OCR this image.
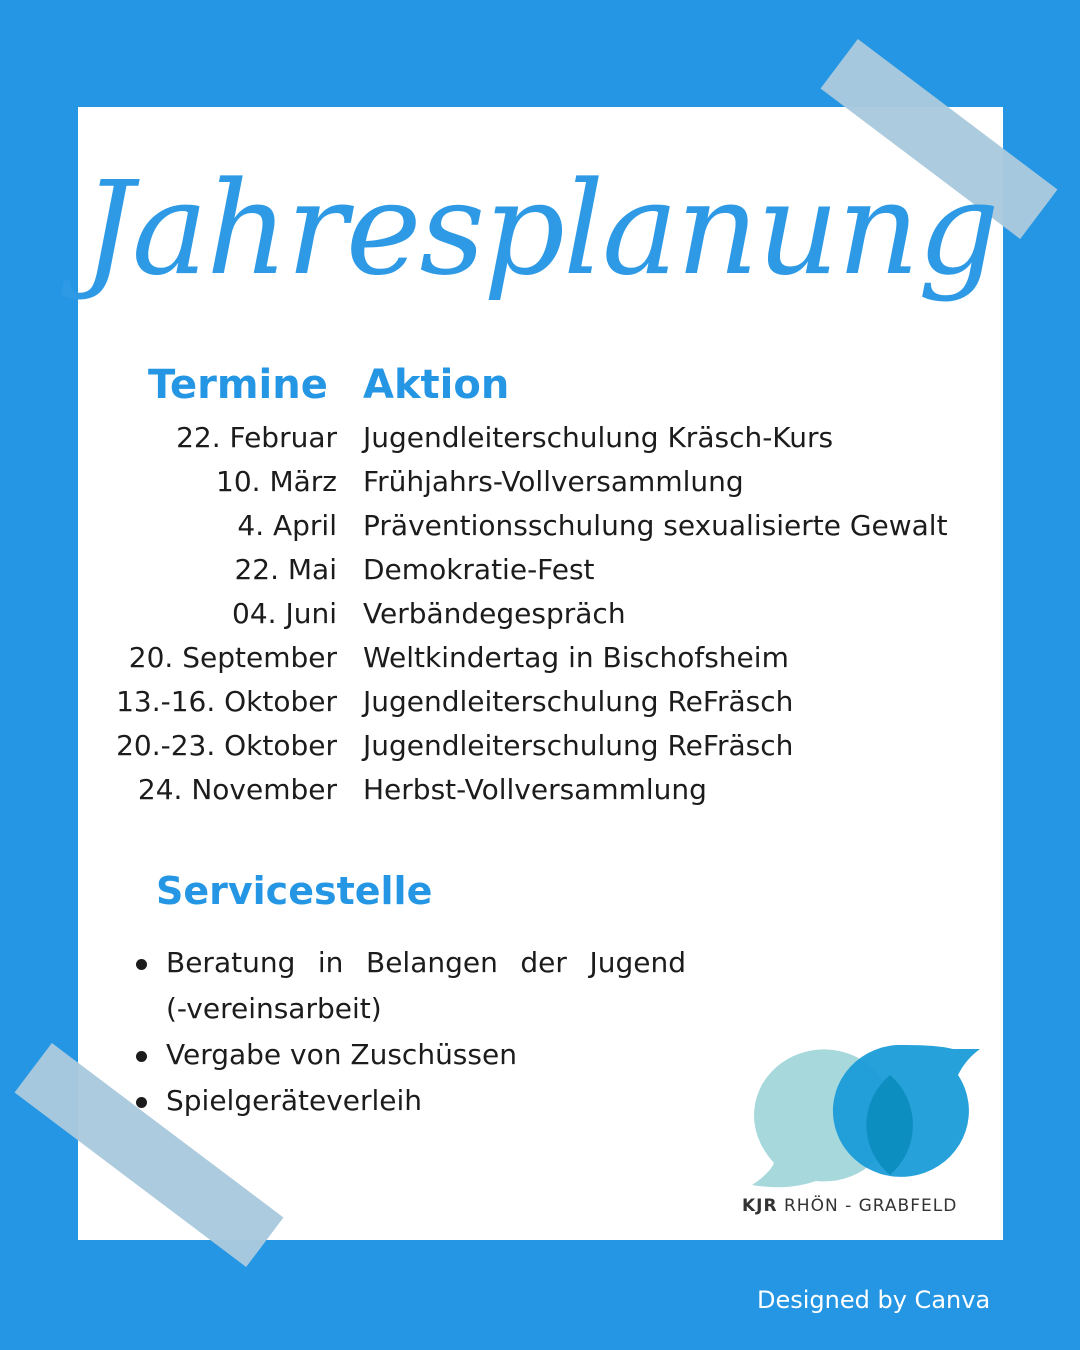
Jahresplanung
Termine Aktion
22. Februar Jugendleiterschulung Kräsch-Kurs
10. März Frühjahrs-Vollversammlung
4. April Präventionsschulung sexualisierte Gewalt
22. Mai Demokratie-Fest
04. Juni Verbändegespräch
20. September Weltkindertag in Bischofsheim
13.-16. Oktober Jugendleiterschulung ReFräsch
20.-23. Oktober Jugendleiterschulung ReFräsch
24. November Herbst-Vollversammlung
Servicestelle
Beratung in Belangen der Jugend
(-vereinsarbeit)
Vergabe von Zuschüssen
Spielgeräteverleih
KJR RHÖN - GRABFELD
Designed by Canva
